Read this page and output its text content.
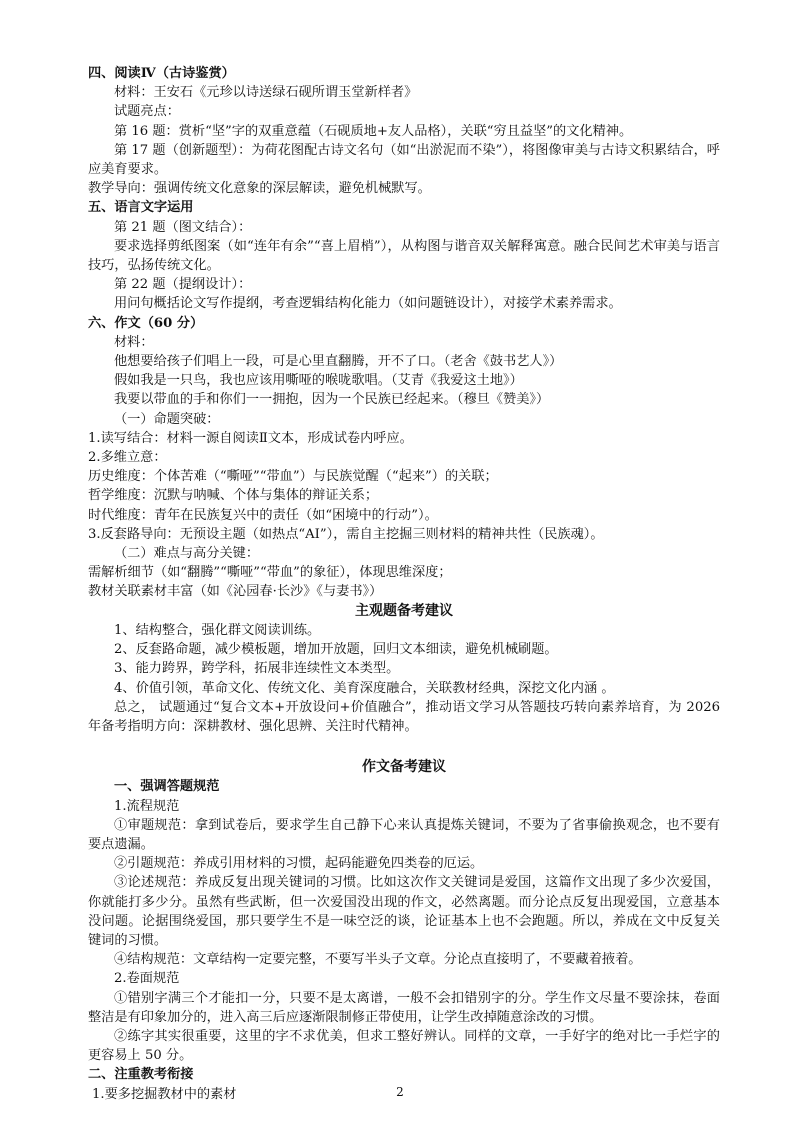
四、阅读Ⅳ（古诗鉴赏）
材料：王安石《元珍以诗送绿石砚所谓玉堂新样者》
试题亮点：
第 16 题：赏析“坚”字的双重意蕴（石砚质地+友人品格），关联“穷且益坚”的文化精神。
第 17 题（创新题型）：为荷花图配古诗文名句（如“出淤泥而不染”），将图像审美与古诗文积累结合，呼应美育要求。
教学导向：强调传统文化意象的深层解读，避免机械默写。
五、语言文字运用
第 21 题（图文结合）：
要求选择剪纸图案（如“连年有余”“喜上眉梢”），从构图与谐音双关解释寓意。融合民间艺术审美与语言技巧，弘扬传统文化。
第 22 题（提纲设计）：
用问句概括论文写作提纲，考查逻辑结构化能力（如问题链设计），对接学术素养需求。
六、作文（60 分）
材料：
他想要给孩子们唱上一段，可是心里直翻腾，开不了口。（老舍《鼓书艺人》）
假如我是一只鸟，我也应该用嘶哑的喉咙歌唱。（艾青《我爱这土地》）
我要以带血的手和你们一一拥抱，因为一个民族已经起来。（穆旦《赞美》）
（一）命题突破：
1.读写结合：材料一源自阅读Ⅱ文本，形成试卷内呼应。
2.多维立意：
历史维度：个体苦难（“嘶哑”“带血”）与民族觉醒（“起来”）的关联；
哲学维度：沉默与呐喊、个体与集体的辩证关系；
时代维度：青年在民族复兴中的责任（如“困境中的行动”）。
3.反套路导向：无预设主题（如热点“AI”），需自主挖掘三则材料的精神共性（民族魂）。
（二）难点与高分关键：
需解析细节（如“翻腾”“嘶哑”“带血”的象征），体现思维深度；
教材关联素材丰富（如《沁园春·长沙》《与妻书》）
主观题备考建议
1、结构整合，强化群文阅读训练。
2、反套路命题，减少模板题，增加开放题，回归文本细读，避免机械刷题。
3、能力跨界，跨学科，拓展非连续性文本类型。
4、价值引领，革命文化、传统文化、美育深度融合，关联教材经典，深挖文化内涵 。
总之， 试题通过“复合文本+开放设问+价值融合”，推动语文学习从答题技巧转向素养培育，为 2026 年备考指明方向：深耕教材、强化思辨、关注时代精神。
作文备考建议
一、强调答题规范
1.流程规范
①审题规范：拿到试卷后，要求学生自己静下心来认真提炼关键词，不要为了省事偷换观念，也不要有要点遗漏。
②引题规范：养成引用材料的习惯，起码能避免四类卷的厄运。
③论述规范：养成反复出现关键词的习惯。比如这次作文关键词是爱国，这篇作文出现了多少次爱国，你就能打多少分。虽然有些武断，但一次爱国没出现的作文，必然离题。而分论点反复出现爱国，立意基本没问题。论据围绕爱国，那只要学生不是一味空泛的谈，论证基本上也不会跑题。所以，养成在文中反复关键词的习惯。
④结构规范：文章结构一定要完整，不要写半头子文章。分论点直接明了，不要藏着掖着。
2.卷面规范
①错别字满三个才能扣一分，只要不是太离谱，一般不会扣错别字的分。学生作文尽量不要涂抹，卷面整洁是有印象加分的，进入高三后应逐渐限制修正带使用，让学生改掉随意涂改的习惯。
②练字其实很重要，这里的字不求优美，但求工整好辨认。同样的文章，一手好字的绝对比一手烂字的更容易上 50 分。
二、注重教考衔接
1.要多挖掘教材中的素材	2
